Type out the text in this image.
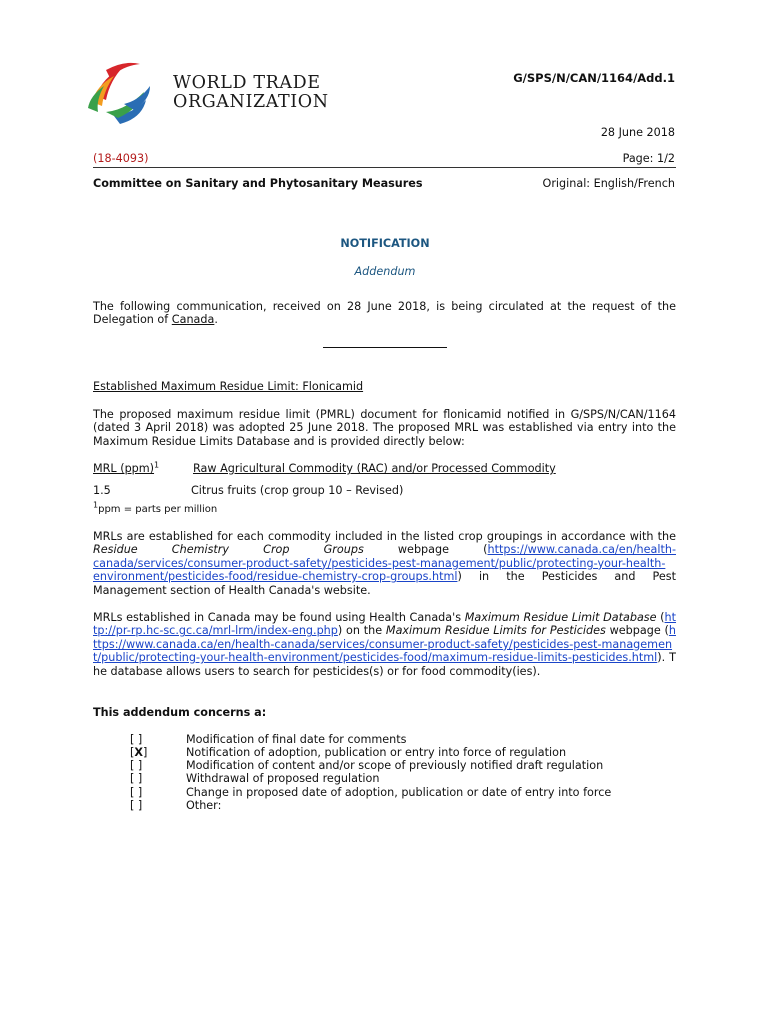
WORLD TRADE
ORGANIZATION
G/SPS/N/CAN/1164/Add.1
28 June 2018
(18-4093)	Page: 1/2
Committee on Sanitary and Phytosanitary Measures	Original: English/French
NOTIFICATION
Addendum
The following communication, received on 28 June 2018, is being circulated at the request of the Delegation of Canada.
Established Maximum Residue Limit: Flonicamid
The proposed maximum residue limit (PMRL) document for flonicamid notified in G/SPS/N/CAN/1164 (dated 3 April 2018) was adopted 25 June 2018. The proposed MRL was established via entry into the Maximum Residue Limits Database and is provided directly below:
MRL (ppm)$^1$	Raw Agricultural Commodity (RAC) and/or Processed Commodity
1.5	Citrus fruits (crop group 10 – Revised)
$^1$ppm = parts per million
MRLs are established for each commodity included in the listed crop groupings in accordance with the Residue Chemistry Crop Groups webpage (https://www.canada.ca/en/health-canada/services/consumer-product-safety/pesticides-pest-management/public/protecting-your-health-environment/pesticides-food/residue-chemistry-crop-groups.html) in the Pesticides and Pest Management section of Health Canada's website.
MRLs established in Canada may be found using Health Canada's Maximum Residue Limit Database (http://pr-rp.hc-sc.gc.ca/mrl-lrm/index-eng.php) on the Maximum Residue Limits for Pesticides webpage (https://www.canada.ca/en/health-canada/services/consumer-product-safety/pesticides-pest-management/public/protecting-your-health-environment/pesticides-food/maximum-residue-limits-pesticides.html). The database allows users to search for pesticides(s) or for food commodity(ies).
This addendum concerns a:
[ ]	Modification of final date for comments
[X]	Notification of adoption, publication or entry into force of regulation
[ ]	Modification of content and/or scope of previously notified draft regulation
[ ]	Withdrawal of proposed regulation
[ ]	Change in proposed date of adoption, publication or date of entry into force
[ ]	Other:
